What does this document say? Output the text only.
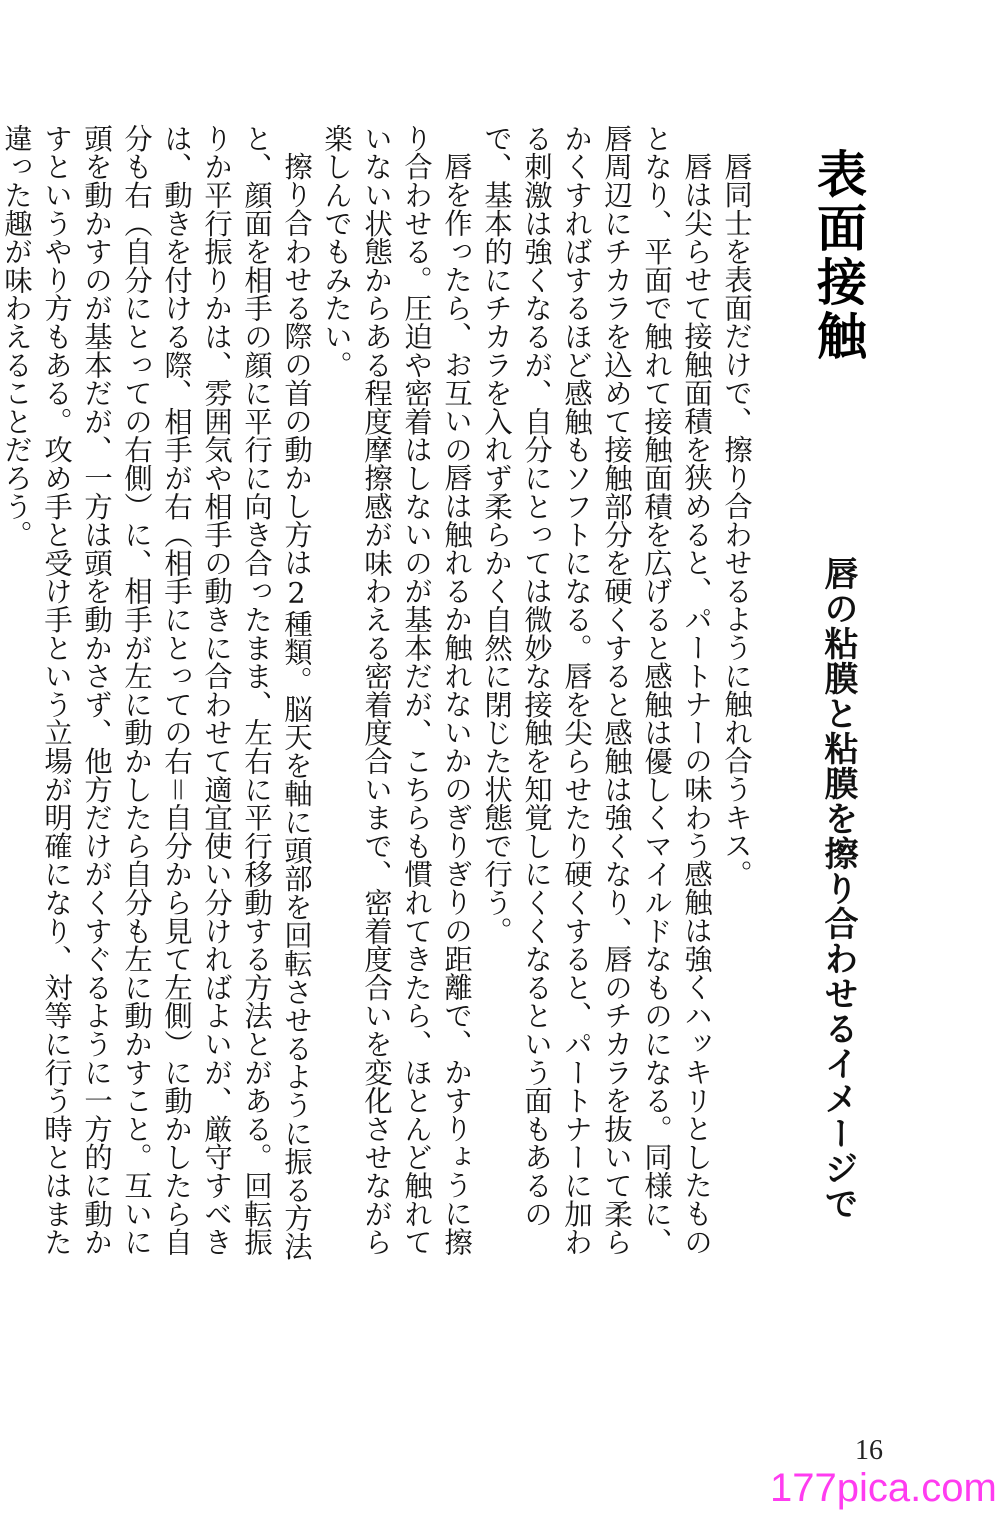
表面接触
唇の粘膜と粘膜を擦り合わせるイメージで
唇同士を表面だけで、擦り合わせるように触れ合うキス。
唇は尖らせて接触面積を狭めると、パートナーの味わう感触は強くハッキリとしたものとなり、平面で触れて接触面積を広げると感触は優しくマイルドなものになる。同様に、唇周辺にチカラを込めて接触部分を硬くすると感触は強くなり、唇のチカラを抜いて柔らかくすればするほど感触もソフトになる。唇を尖らせたり硬くすると、パートナーに加わる刺激は強くなるが、自分にとっては微妙な接触を知覚しにくくなるという面もあるので、基本的にチカラを入れず柔らかく自然に閉じた状態で行う。
唇を作ったら、お互いの唇は触れるか触れないかのぎりぎりの距離で、かすりょうに擦り合わせる。圧迫や密着はしないのが基本だが、こちらも慣れてきたら、ほとんど触れていない状態からある程度摩擦感が味わえる密着度合いまで、密着度合いを変化させながら楽しんでもみたい。
擦り合わせる際の首の動かし方は2種類。脳天を軸に頭部を回転させるように振る方法と、顔面を相手の顔に平行に向き合ったまま、左右に平行移動する方法とがある。回転振りか平行振りかは、雰囲気や相手の動きに合わせて適宜使い分ければよいが、厳守すべきは、動きを付ける際、相手が右（相手にとっての右＝自分から見て左側）に動かしたら自分も右（自分にとっての右側）に、相手が左に動かしたら自分も左に動かすこと。互いに頭を動かすのが基本だが、一方は頭を動かさず、他方だけがくすぐるように一方的に動かすというやり方もある。攻め手と受け手という立場が明確になり、対等に行う時とはまた違った趣が味わえることだろう。

16

177pica.com
